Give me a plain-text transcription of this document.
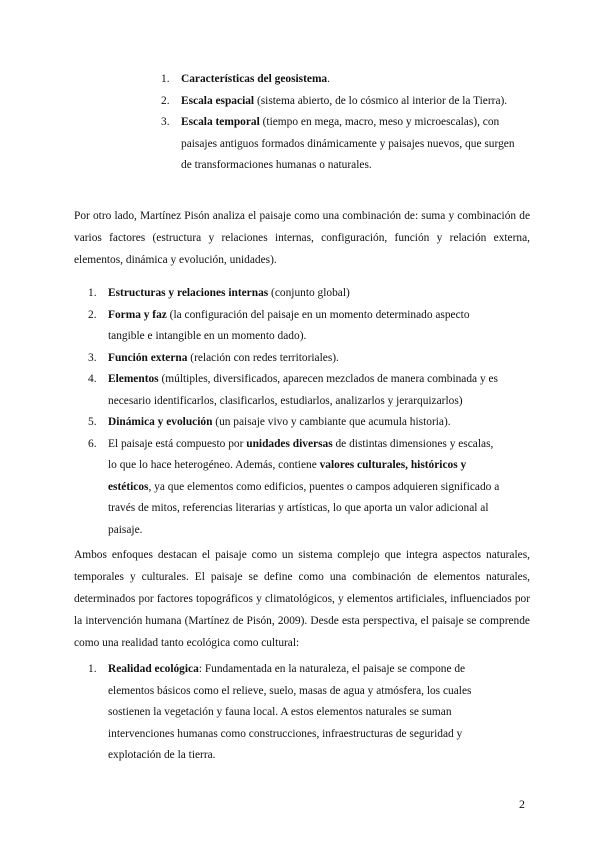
1.	Características del geosistema.
2.	Escala espacial (sistema abierto, de lo cósmico al interior de la Tierra).
3.	Escala temporal (tiempo en mega, macro, meso y microescalas), con paisajes antiguos formados dinámicamente y paisajes nuevos, que surgen de transformaciones humanas o naturales.

Por otro lado, Martínez Pisón analiza el paisaje como una combinación de: suma y combinación de varios factores (estructura y relaciones internas, configuración, función y relación externa, elementos, dinámica y evolución, unidades).

1.	Estructuras y relaciones internas (conjunto global)
2.	Forma y faz (la configuración del paisaje en un momento determinado aspecto tangible e intangible en un momento dado).
3.	Función externa (relación con redes territoriales).
4.	Elementos (múltiples, diversificados, aparecen mezclados de manera combinada y es necesario identificarlos, clasificarlos, estudiarlos, analizarlos y jerarquizarlos)
5.	Dinámica y evolución (un paisaje vivo y cambiante que acumula historia).
6.	El paisaje está compuesto por unidades diversas de distintas dimensiones y escalas, lo que lo hace heterogéneo. Además, contiene valores culturales, históricos y estéticos, ya que elementos como edificios, puentes o campos adquieren significado a través de mitos, referencias literarias y artísticas, lo que aporta un valor adicional al paisaje.

Ambos enfoques destacan el paisaje como un sistema complejo que integra aspectos naturales, temporales y culturales. El paisaje se define como una combinación de elementos naturales, determinados por factores topográficos y climatológicos, y elementos artificiales, influenciados por la intervención humana (Martínez de Pisón, 2009). Desde esta perspectiva, el paisaje se comprende como una realidad tanto ecológica como cultural:

1.	Realidad ecológica: Fundamentada en la naturaleza, el paisaje se compone de elementos básicos como el relieve, suelo, masas de agua y atmósfera, los cuales sostienen la vegetación y fauna local. A estos elementos naturales se suman intervenciones humanas como construcciones, infraestructuras de seguridad y explotación de la tierra.
2
